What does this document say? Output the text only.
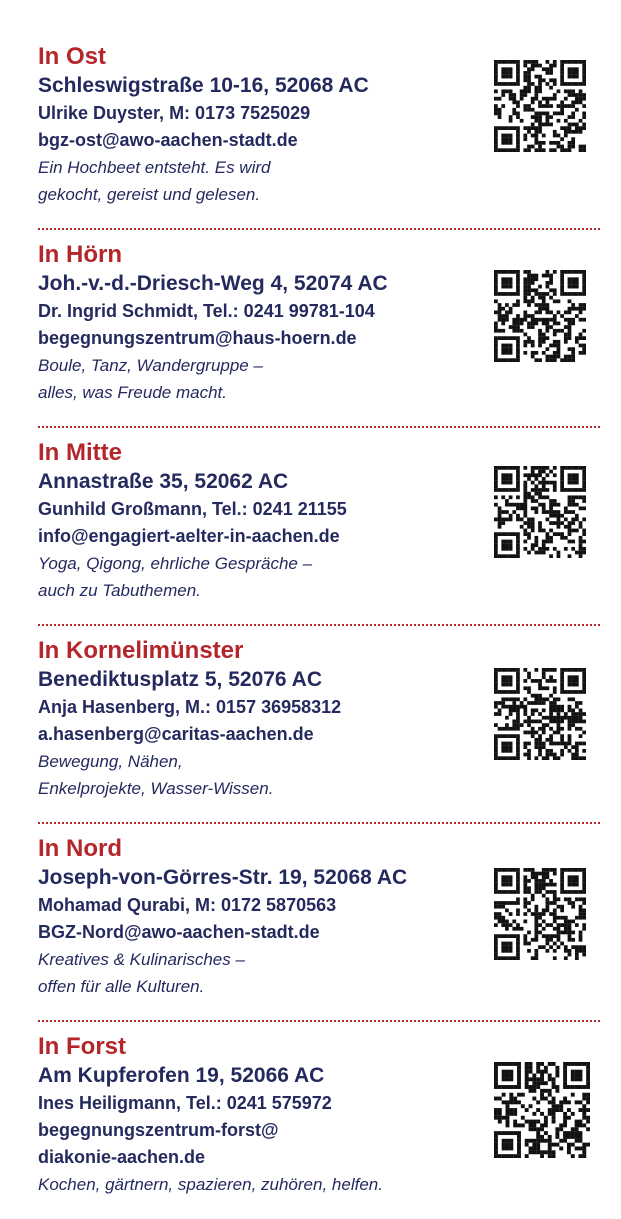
In Ost
Schleswigstraße 10-16, 52068 AC
Ulrike Duyster, M: 0173 7525029
bgz-ost@awo-aachen-stadt.de
Ein Hochbeet entsteht. Es wird
gekocht, gereist und gelesen.
In Hörn
Joh.-v.-d.-Driesch-Weg 4, 52074 AC
Dr. Ingrid Schmidt, Tel.: 0241 99781-104
begegnungszentrum@haus-hoern.de
Boule, Tanz, Wandergruppe –
alles, was Freude macht.
In Mitte
Annastraße 35, 52062 AC
Gunhild Großmann, Tel.: 0241 21155
info@engagiert-aelter-in-aachen.de
Yoga, Qigong, ehrliche Gespräche –
auch zu Tabuthemen.
In Kornelimünster
Benediktusplatz 5, 52076 AC
Anja Hasenberg, M.: 0157 36958312
a.hasenberg@caritas-aachen.de
Bewegung, Nähen,
Enkelprojekte, Wasser-Wissen.
In Nord
Joseph-von-Görres-Str. 19, 52068 AC
Mohamad Qurabi, M: 0172 5870563
BGZ-Nord@awo-aachen-stadt.de
Kreatives & Kulinarisches –
offen für alle Kulturen.
In Forst
Am Kupferofen 19, 52066 AC
Ines Heiligmann, Tel.: 0241 575972
begegnungszentrum-forst@
diakonie-aachen.de
Kochen, gärtnern, spazieren, zuhören, helfen.
